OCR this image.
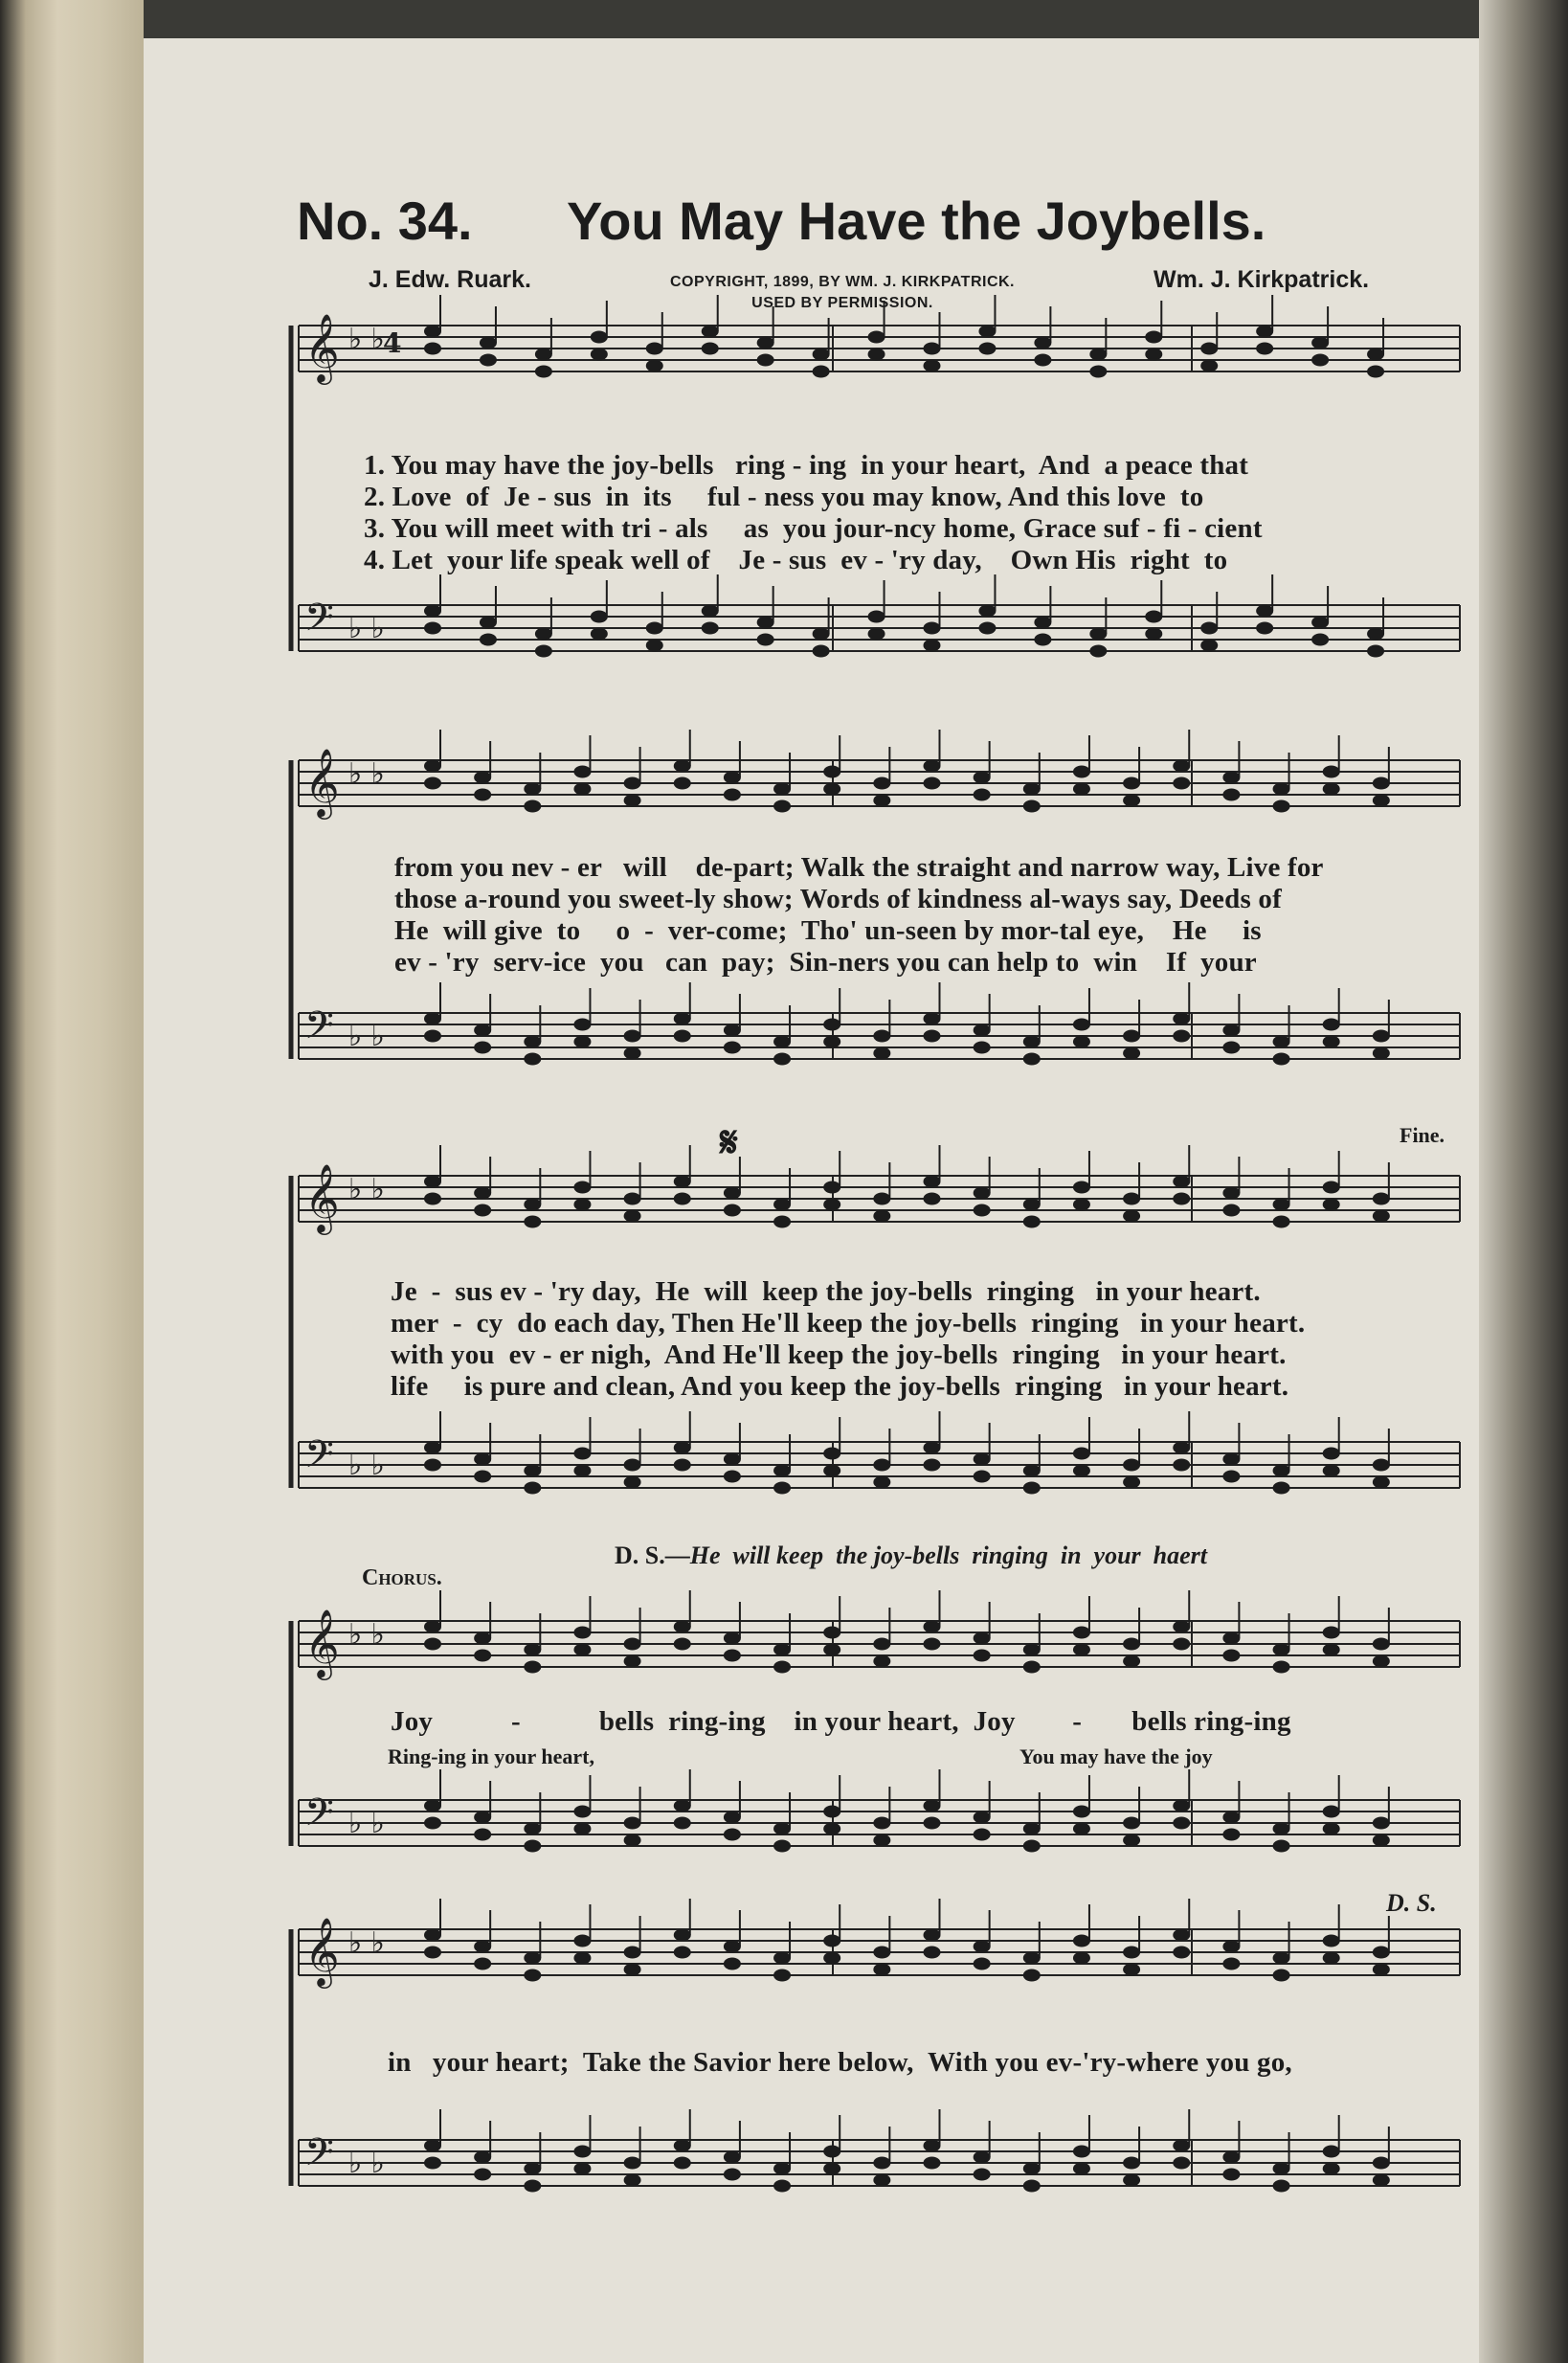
No. 34. You May Have the Joybells.
J. Edw. Ruark.	COPYRIGHT, 1899, BY WM. J. KIRKPATRICK.
USED BY PERMISSION.
Wm. J. Kirkpatrick.
𝄞 ♭ ♭
𝄢 ♭ ♭
𝄞 ♭ ♭
𝄢 ♭ ♭
𝄞 ♭ ♭
𝄢 ♭ ♭
𝄞 ♭ ♭
𝄢 ♭ ♭
𝄞 ♭ ♭
𝄢 ♭ ♭
4
1. You may have the joy-bells   ring - ing  in your heart,  And  a peace that
2. Love  of  Je - sus  in  its     ful - ness you may know, And this love  to
3. You will meet with tri - als     as  you jour-ncy home, Grace suf - fi - cient
4. Let  your life speak well of    Je - sus  ev - 'ry day,    Own His  right  to
from you nev - er   will    de-part; Walk the straight and narrow way, Live for
those a-round you sweet-ly show; Words of kindness al-ways say, Deeds of
He  will give  to     o  -  ver-come;  Tho' un-seen by mor-tal eye,    He     is
ev - 'ry  serv-ice  you   can  pay;  Sin-ners you can help to  win    If  your
Je  -  sus ev - 'ry day,  He  will  keep the joy-bells  ringing   in your heart.
mer  -  cy  do each day, Then He'll keep the joy-bells  ringing   in your heart.
with you  ev - er nigh,  And He'll keep the joy-bells  ringing   in your heart.
life     is pure and clean, And you keep the joy-bells  ringing   in your heart.
Fine.
𝄋
D. S.—He  will keep  the joy-bells  ringing  in  your  haert
Chorus.
Joy           -           bells  ring-ing    in your heart,  Joy        -       bells ring-ing
Ring-ing in your heart,	You may have the joy
D. S.
in   your heart;  Take the Savior here below,  With you ev-'ry-where you go,
